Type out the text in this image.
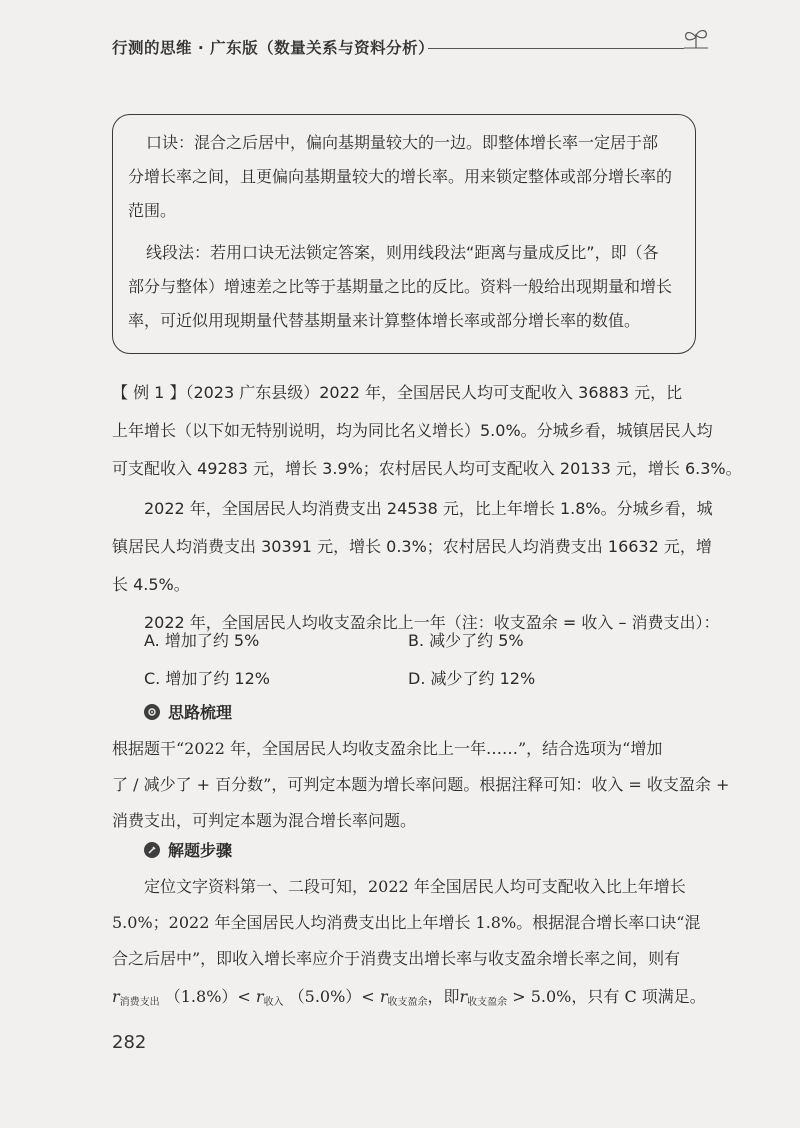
行测的思维 · 广东版（数量关系与资料分析）
口诀：混合之后居中，偏向基期量较大的一边。即整体增长率一定居于部
分增长率之间，且更偏向基期量较大的增长率。用来锁定整体或部分增长率的
范围。
线段法：若用口诀无法锁定答案，则用线段法“距离与量成反比”，即（各
部分与整体）增速差之比等于基期量之比的反比。资料一般给出现期量和增长
率，可近似用现期量代替基期量来计算整体增长率或部分增长率的数值。
【 例 1 】（2023 广东县级）2022 年，全国居民人均可支配收入 36883 元，比
上年增长（以下如无特别说明，均为同比名义增长）5.0%。分城乡看，城镇居民人均
可支配收入 49283 元，增长 3.9%；农村居民人均可支配收入 20133 元，增长 6.3%。
2022 年，全国居民人均消费支出 24538 元，比上年增长 1.8%。分城乡看，城
镇居民人均消费支出 30391 元，增长 0.3%；农村居民人均消费支出 16632 元，增
长 4.5%。
2022 年，全国居民人均收支盈余比上一年（注：收支盈余 = 收入 – 消费支出）：
A. 增加了约 5%	B. 减少了约 5%
C. 增加了约 12%	D. 减少了约 12%
思路梳理
根据题干“2022 年，全国居民人均收支盈余比上一年……”，结合选项为“增加
了 / 减少了 + 百分数”，可判定本题为增长率问题。根据注释可知：收入 = 收支盈余 +
消费支出，可判定本题为混合增长率问题。
解题步骤
定位文字资料第一、二段可知，2022 年全国居民人均可支配收入比上年增长
5.0%；2022 年全国居民人均消费支出比上年增长 1.8%。根据混合增长率口诀“混
合之后居中”，即收入增长率应介于消费支出增长率与收支盈余增长率之间，则有
$r_{消费支出}$ $(1.8\%)< r_{收入}$ $(5.0\%)< r_{收支盈余}$，即$r_{收支盈余} > 5.0\%$，只有 C 项满足。
282
